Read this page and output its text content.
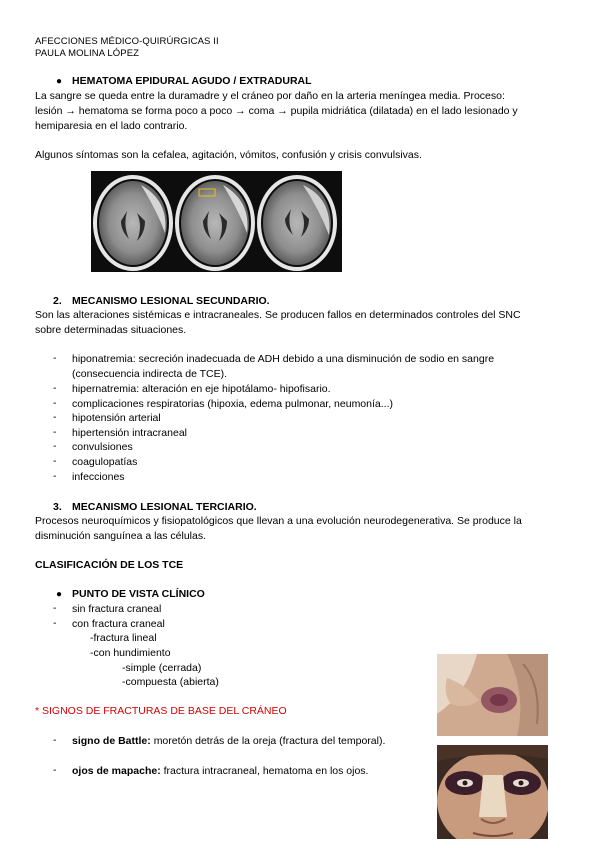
AFECCIONES MÉDICO-QUIRÚRGICAS II
PAULA MOLINA LÓPEZ
● HEMATOMA EPIDURAL AGUDO / EXTRADURAL
La sangre se queda entre la duramadre y el cráneo por daño en la arteria meníngea media. Proceso:
lesión → hematoma se forma poco a poco → coma → pupila midriática (dilatada) en el lado lesionado y
hemiparesia en el lado contrario.
Algunos síntomas son la cefalea, agitación, vómitos, confusión y crisis convulsivas.
2. MECANISMO LESIONAL SECUNDARIO.
Son las alteraciones sistémicas e intracraneales. Se producen fallos en determinados controles del SNC
sobre determinadas situaciones.
- hiponatremia: secreción inadecuada de ADH debido a una disminución de sodio en sangre
(consecuencia indirecta de TCE).
- hipernatremia: alteración en eje hipotálamo- hipofisario.
- complicaciones respiratorias (hipoxia, edema pulmonar, neumonía...)
- hipotensión arterial
- hipertensión intracraneal
- convulsiones
- coagulopatías
- infecciones
3. MECANISMO LESIONAL TERCIARIO.
Procesos neuroquímicos y fisiopatológicos que llevan a una evolución neurodegenerativa. Se produce la
disminución sanguínea a las células.
CLASIFICACIÓN DE LOS TCE
● PUNTO DE VISTA CLÍNICO
- sin fractura craneal
- con fractura craneal
-fractura lineal
-con hundimiento
-simple (cerrada)
-compuesta (abierta)
* SIGNOS DE FRACTURAS DE BASE DEL CRÁNEO
- signo de Battle: moretón detrás de la oreja (fractura del temporal).
- ojos de mapache: fractura intracraneal, hematoma en los ojos.
